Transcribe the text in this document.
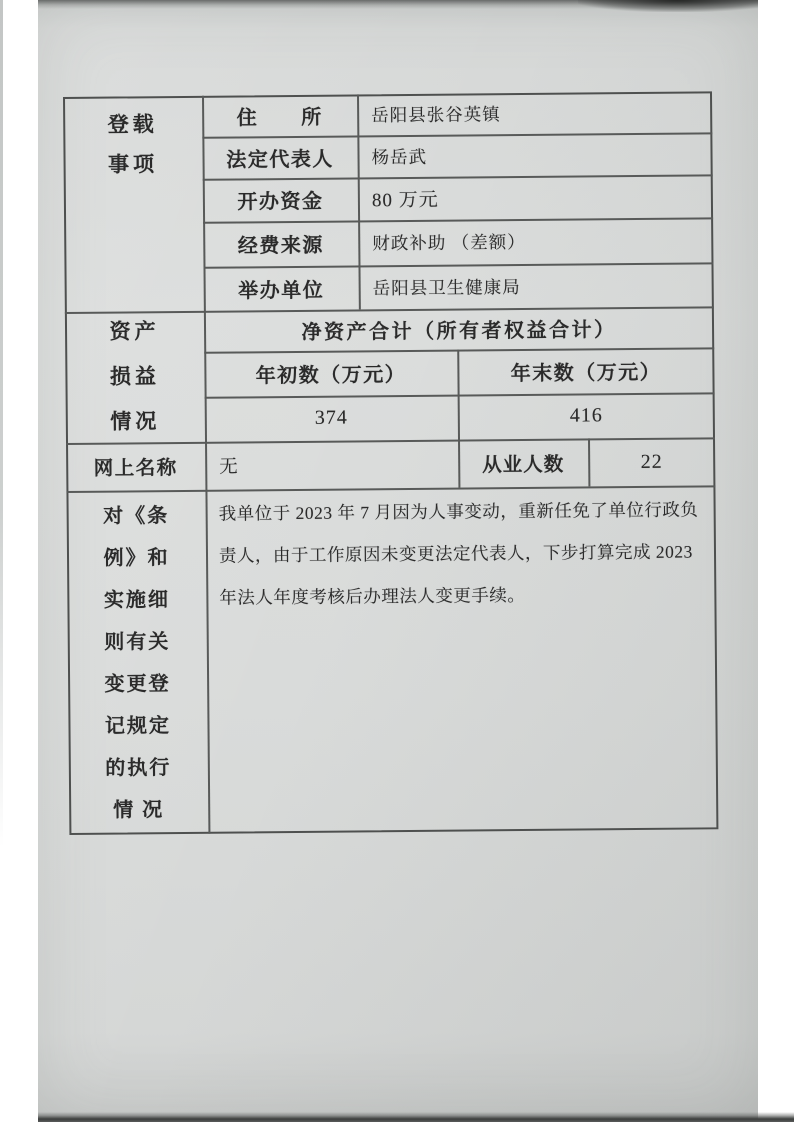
登载
事项
住　　所	岳阳县张谷英镇
法定代表人	杨岳武
开办资金	80 万元
经费来源	财政补助 （差额）
举办单位	岳阳县卫生健康局
资产
损益
情况
净资产合计（所有者权益合计）
年初数（万元）	年末数（万元）
374	416
网上名称	无	从业人数	22
对《条
例》和
实施细
则有关
变更登
记规定
的执行
情 况
我单位于 2023 年 7 月因为人事变动，重新任免了单位行政负
责人，由于工作原因未变更法定代表人，下步打算完成 2023
年法人年度考核后办理法人变更手续。
